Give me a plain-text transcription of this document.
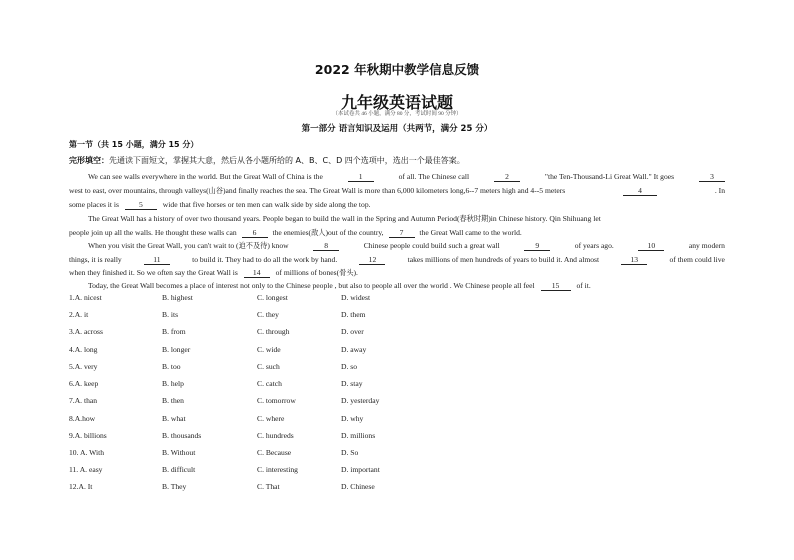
2022 年秋期中教学信息反馈
九年级英语试题
（本试卷共 46 小题，满分 80 分，考试时间 90 分钟）
第一部分 语言知识及运用（共两节，满分 25 分）
第一节（共 15 小题，满分 15 分）
完形填空：先通读下面短文，掌握其大意，然后从各小题所给的 A、B、C、D 四个选项中，选出一个最佳答案。
We can see walls everywhere in the world. But the Great Wall of China is the	1	of all. The Chinese call	2	"the Ten-Thousand-Li Great Wall." It goes	3
west to east, over mountains, through valleys(山谷)and finally reaches the sea. The Great Wall is more than 6,000 kilometers long,6--7 meters high and 4--5 meters	4	. In
some places it is	5	wide that five horses or ten men can walk side by side along the top.
The Great Wall has a history of over two thousand years. People began to build the wall in the Spring and Autumn Period(春秋时期)in Chinese history. Qin Shihuang let
people join up all the walls. He thought these walls can 6 the enemies(敌人)out of the country, 7 the Great Wall came to the world.
When you visit the Great Wall, you can't wait to (迫不及待) know	8	Chinese people could build such a great wall	9	of years ago.	10	any modern
things, it is really	11	to build it. They had to do all the work by hand.	12	takes millions of men hundreds of years to build it. And almost	13	of them could live
when they finished it. So we often say the Great Wall is 14 of millions of bones(骨头).
Today, the Great Wall becomes a place of interest not only to the Chinese people , but also to people all over the world . We Chinese people all feel 15 of it.
1.A. nicest	B. highest	C. longest	D. widest
2.A. it	B. its	C. they	D. them
3.A. across	B. from	C. through	D. over
4.A. long	B. longer	C. wide	D. away
5.A. very	B. too	C. such	D. so
6.A. keep	B. help	C. catch	D. stay
7.A. than	B. then	C. tomorrow	D. yesterday
8.A.how	B. what	C. where	D. why
9.A. billions	B. thousands	C. hundreds	D. millions
10. A. With	B. Without	C. Because	D. So
11. A. easy	B. difficult	C. interesting	D. important
12.A. It	B. They	C. That	D. Chinese
